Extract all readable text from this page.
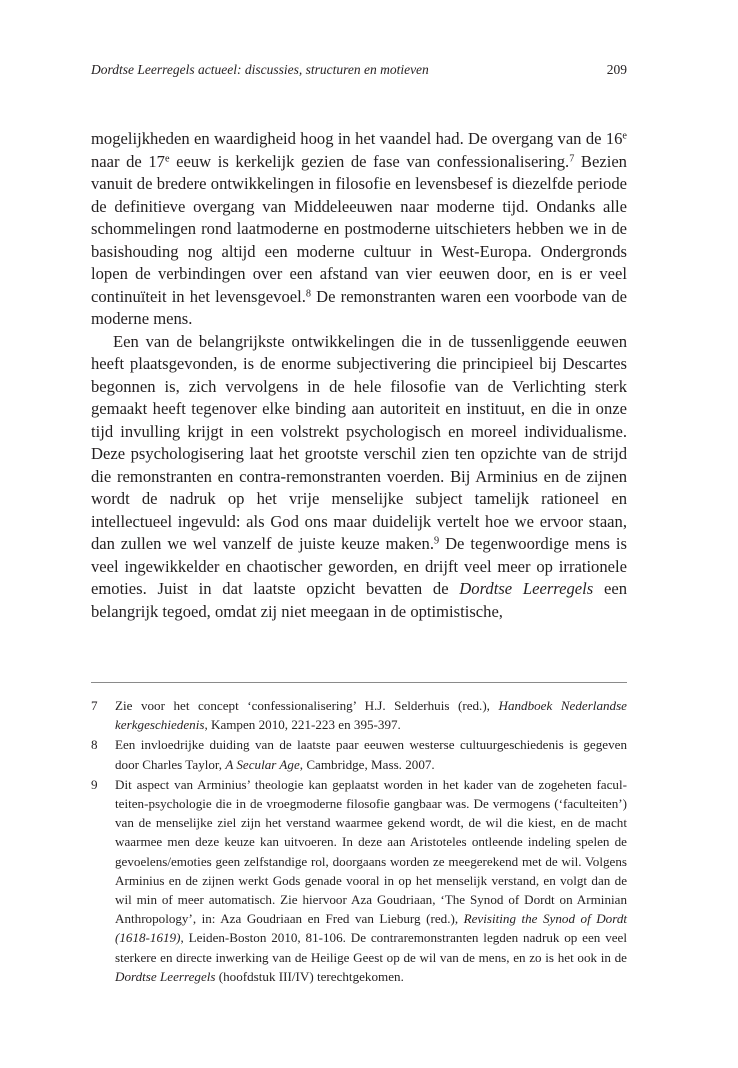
Dordtse Leerregels actueel: discussies, structuren en motieven	209

mogelijkheden en waardigheid hoog in het vaandel had. De overgang van de 16e naar de 17e eeuw is kerkelijk gezien de fase van confessionalisering.$^7$ Bezien vanuit de bredere ontwikkelingen in filosofie en levensbesef is diezelfde periode de definitieve overgang van Middeleeuwen naar moderne tijd. Ondanks alle schommelingen rond laatmoderne en postmoderne uitschieters hebben we in de basishouding nog altijd een moderne cultuur in West-Europa. Ondergronds lopen de verbindingen over een afstand van vier eeuwen door, en is er veel continuïteit in het levensgevoel.$^8$ De remonstranten waren een voorbode van de moderne mens.

Een van de belangrijkste ontwikkelingen die in de tussenliggende eeuwen heeft plaatsgevonden, is de enorme subjectivering die principieel bij Descartes begonnen is, zich vervolgens in de hele filosofie van de Verlichting sterk gemaakt heeft tegenover elke binding aan autoriteit en instituut, en die in onze tijd invulling krijgt in een volstrekt psychologisch en moreel individualisme. Deze psychologisering laat het grootste verschil zien ten opzichte van de strijd die remonstranten en contra-remonstranten voerden. Bij Arminius en de zijnen wordt de nadruk op het vrije menselijke subject tamelijk rationeel en intellectueel ingevuld: als God ons maar duidelijk vertelt hoe we ervoor staan, dan zullen we wel vanzelf de juiste keuze maken.$^9$ De tegenwoordige mens is veel ingewikkelder en chaotischer geworden, en drijft veel meer op irrationele emoties. Juist in dat laatste opzicht bevatten de Dordtse Leerregels een belangrijk tegoed, omdat zij niet meegaan in de optimistische,

7	Zie voor het concept ‘confessionalisering’ H.J. Selderhuis (red.), Handboek Nederlandse kerkgeschiedenis, Kampen 2010, 221-223 en 395-397.
8	Een invloedrijke duiding van de laatste paar eeuwen westerse cultuurgeschiedenis is gegeven door Charles Taylor, A Secular Age, Cambridge, Mass. 2007.
9	Dit aspect van Arminius’ theologie kan geplaatst worden in het kader van de zogeheten faculteiten-psychologie die in de vroegmoderne filosofie gangbaar was. De vermogens (‘faculteiten’) van de menselijke ziel zijn het verstand waarmee gekend wordt, de wil die kiest, en de macht waarmee men deze keuze kan uitvoeren. In deze aan Aristoteles ontleende indeling spelen de gevoelens/emoties geen zelfstandige rol, doorgaans worden ze meegerekend met de wil. Volgens Arminius en de zijnen werkt Gods genade vooral in op het menselijk verstand, en volgt dan de wil min of meer automatisch. Zie hiervoor Aza Goudriaan, ‘The Synod of Dordt on Arminian Anthropology’, in: Aza Goudriaan en Fred van Lieburg (red.), Revisiting the Synod of Dordt (1618-1619), Leiden-Boston 2010, 81-106. De contraremonstranten legden nadruk op een veel sterkere en directe inwerking van de Heilige Geest op de wil van de mens, en zo is het ook in de Dordtse Leerregels (hoofdstuk III/IV) terechtgekomen.
